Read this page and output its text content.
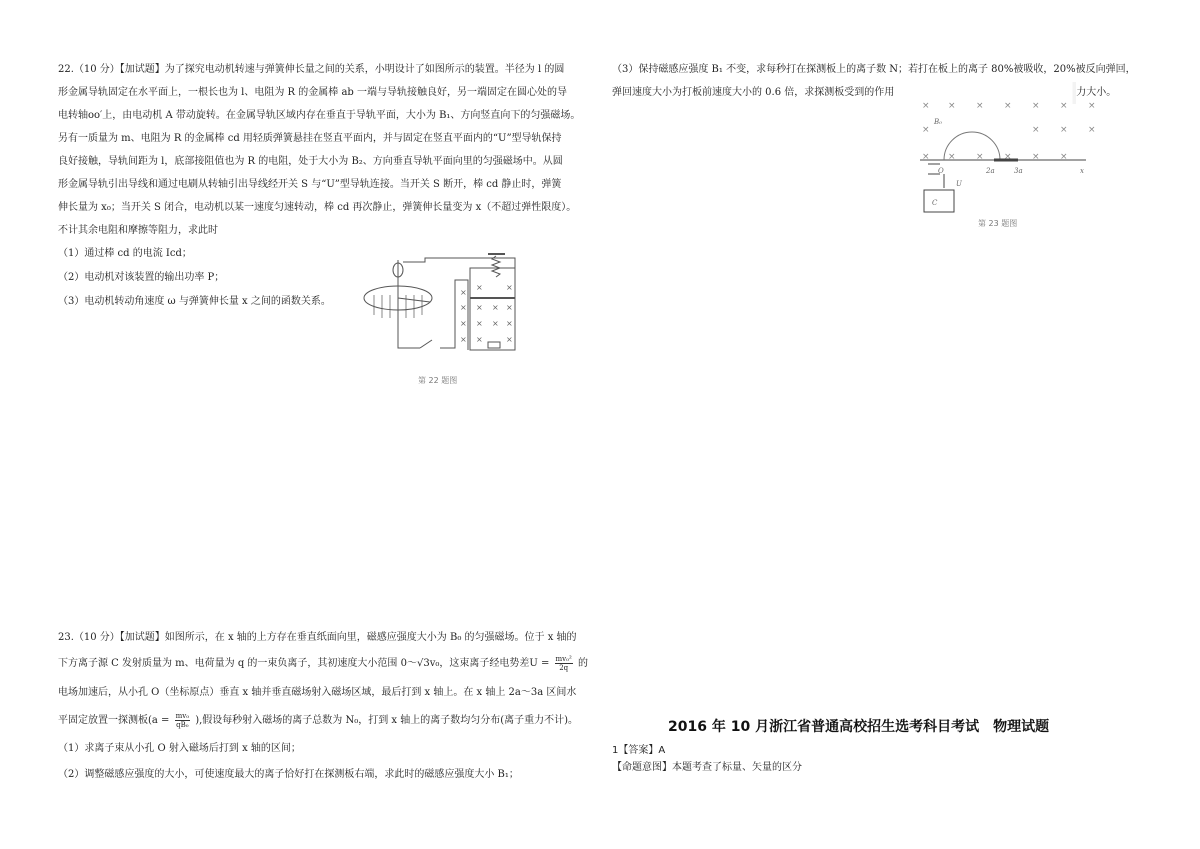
22.（10 分）【加试题】为了探究电动机转速与弹簧伸长量之间的关系，小明设计了如图所示的装置。半径为 l 的圆
形金属导轨固定在水平面上，一根长也为 l、电阻为 R 的金属棒 ab 一端与导轨接触良好，另一端固定在圆心处的导
电转轴oo′上，由电动机 A 带动旋转。在金属导轨区域内存在垂直于导轨平面，大小为 B₁、方向竖直向下的匀强磁场。
另有一质量为 m、电阻为 R 的金属棒 cd 用轻质弹簧悬挂在竖直平面内，并与固定在竖直平面内的“U”型导轨保持
良好接触，导轨间距为 l，底部接阻值也为 R 的电阻，处于大小为 B₂、方向垂直导轨平面向里的匀强磁场中。从圆
形金属导轨引出导线和通过电刷从转轴引出导线经开关 S 与“U”型导轨连接。当开关 S 断开，棒 cd 静止时，弹簧
伸长量为 x₀；当开关 S 闭合，电动机以某一速度匀速转动，棒 cd 再次静止，弹簧伸长量变为 x（不超过弹性限度）。
不计其余电阻和摩擦等阻力，求此时
（1）通过棒 cd 的电流 Icd；
（2）电动机对该装置的输出功率 P；
（3）电动机转动角速度 ω 与弹簧伸长量 x 之间的函数关系。
×
×
×
×
× × ×
× × ×
×	×
×	×
第 22 题图
23.（10 分）【加试题】如图所示，在 x 轴的上方存在垂直纸面向里，磁感应强度大小为 B₀ 的匀强磁场。位于 x 轴的
下方离子源 C 发射质量为 m、电荷量为 q 的一束负离子，其初速度大小范围 0～√3v₀，这束离子经电势差$U = \frac{\text{mv₀²}}{2q}$ 的
电场加速后，从小孔 O（坐标原点）垂直 x 轴并垂直磁场射入磁场区域，最后打到 x 轴上。在 x 轴上 2a～3a 区间水
平固定放置一探测板($a = \frac{\text{mv₀}}{\text{qB₀}}$ ),假设每秒射入磁场的离子总数为 N₀，打到 x 轴上的离子数均匀分布(离子重力不计)。
（1）求离子束从小孔 O 射入磁场后打到 x 轴的区间；
（2）调整磁感应强度的大小，可使速度最大的离子恰好打在探测板右端，求此时的磁感应强度大小 B₁；
（3）保持磁感应强度 B₁ 不变，求每秒打在探测板上的离子数 N；若打在板上的离子 80%被吸收，20%被反向弹回，
弹回速度大小为打板前速度大小的 0.6 倍，求探测板受到的作用	力大小。
× × × × × × ×
×	× × ×
× × × × × ×
B₀
O	2a	3a	x
U
C
第 23 题图
2016 年 10 月浙江省普通高校招生选考科目考试　物理试题
1【答案】A
【命题意图】本题考查了标量、矢量的区分
